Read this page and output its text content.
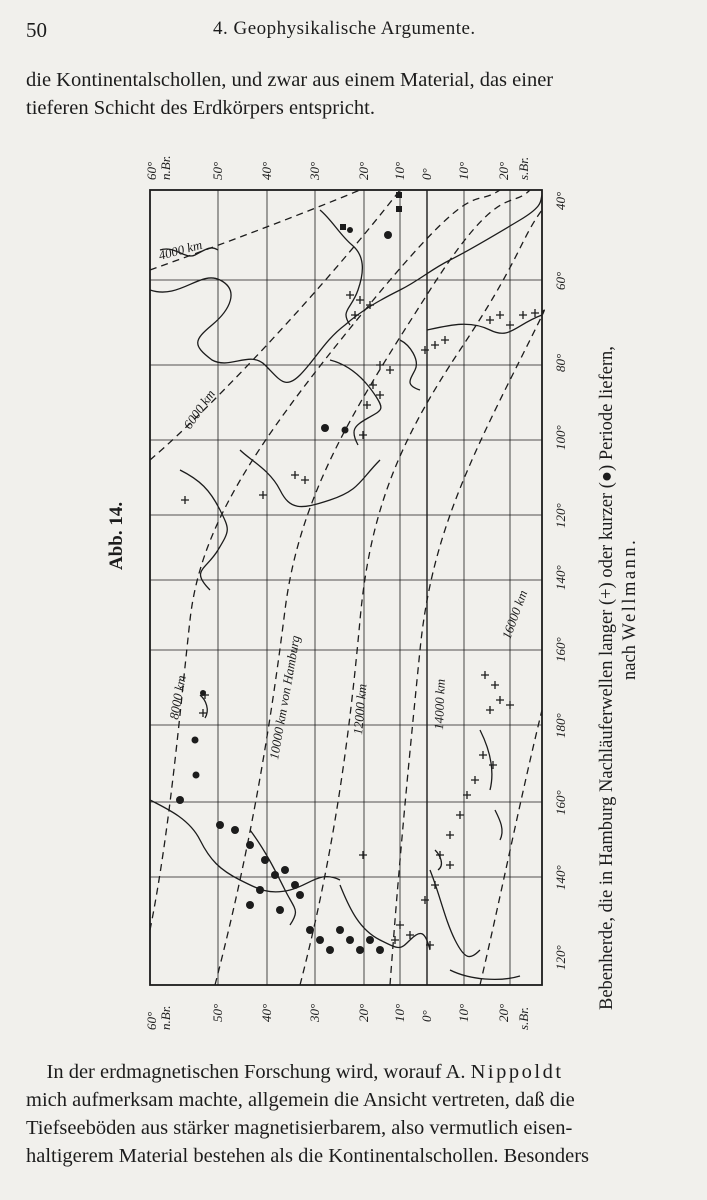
50	4. Geophysikalische Argumente.

die Kontinentalschollen, und zwar aus einem Material, das einer
tieferen Schicht des Erdkörpers entspricht.

4000 km
6000 km
8000 km	10000 km von Hamburg	12000 km	14000 km
16000 km
60° n.Br.	50°	40°	30°	20° 10° 0° 10° 20° s.Br.
60° n.Br.	50°	40°	30°	20° 10° 0° 10° 20° s.Br.
40°
60°
80°
100°
120°
140°
160°
180°
160°
140°
120°
Abb. 14.	Bebenherde, die in Hamburg Nachläuferwellen langer (+) oder kurzer (●) Periode liefern, nach Wellmann.

In der erdmagnetischen Forschung wird, worauf A. Nippoldt
mich aufmerksam machte, allgemein die Ansicht vertreten, daß die
Tiefseeböden aus stärker magnetisierbarem, also vermutlich eisen-
haltigerem Material bestehen als die Kontinentalschollen. Besonders
